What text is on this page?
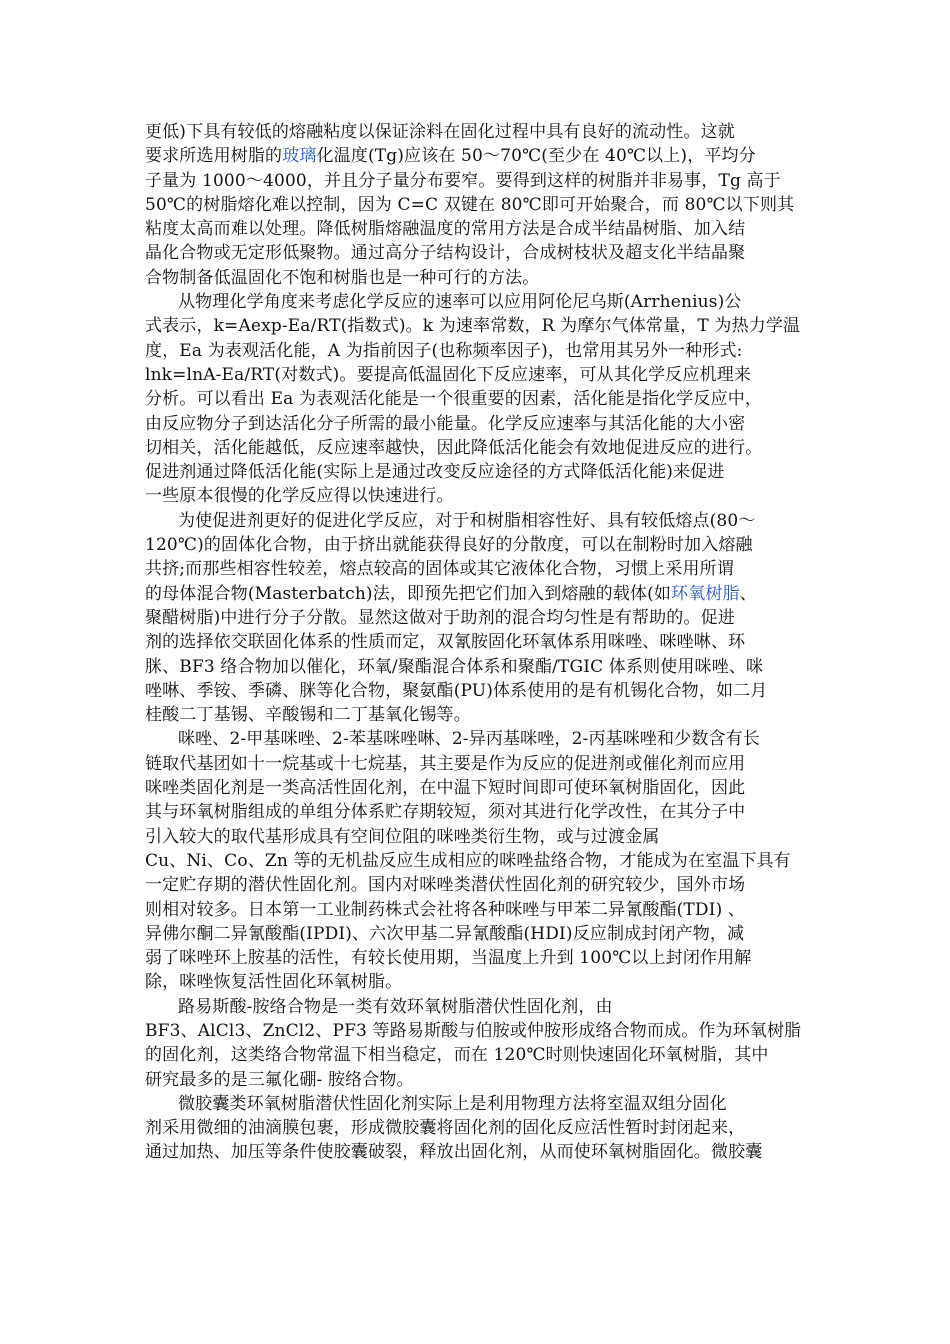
更低)下具有较低的熔融粘度以保证涂料在固化过程中具有良好的流动性。这就
要求所选用树脂的玻璃化温度(Tg)应该在 50～70℃(至少在 40℃以上)，平均分
子量为 1000～4000，并且分子量分布要窄。要得到这样的树脂并非易事，Tg 高于
50℃的树脂熔化难以控制，因为 C=C 双键在 80℃即可开始聚合，而 80℃以下则其
粘度太高而难以处理。降低树脂熔融温度的常用方法是合成半结晶树脂、加入结
晶化合物或无定形低聚物。通过高分子结构设计，合成树枝状及超支化半结晶聚
合物制备低温固化不饱和树脂也是一种可行的方法。
从物理化学角度来考虑化学反应的速率可以应用阿伦尼乌斯(Arrhenius)公
式表示，k=Aexp-Ea/RT(指数式)。k 为速率常数，R 为摩尔气体常量，T 为热力学温
度，Ea 为表观活化能，A 为指前因子(也称频率因子)，也常用其另外一种形式:
lnk=lnA-Ea/RT(对数式)。要提高低温固化下反应速率，可从其化学反应机理来
分析。可以看出 Ea 为表观活化能是一个很重要的因素，活化能是指化学反应中，
由反应物分子到达活化分子所需的最小能量。化学反应速率与其活化能的大小密
切相关，活化能越低，反应速率越快，因此降低活化能会有效地促进反应的进行。
促进剂通过降低活化能(实际上是通过改变反应途径的方式降低活化能)来促进
一些原本很慢的化学反应得以快速进行。
为使促进剂更好的促进化学反应，对于和树脂相容性好、具有较低熔点(80～
120℃)的固体化合物，由于挤出就能获得良好的分散度，可以在制粉时加入熔融
共挤;而那些相容性较差，熔点较高的固体或其它液体化合物，习惯上采用所谓
的母体混合物(Masterbatch)法，即预先把它们加入到熔融的载体(如环氧树脂、
聚醋树脂)中进行分子分散。显然这做对于助剂的混合均匀性是有帮助的。促进
剂的选择依交联固化体系的性质而定，双氰胺固化环氧体系用咪唑、咪唑啉、环
脒、BF3 络合物加以催化，环氧/聚酯混合体系和聚酯/TGIC 体系则使用咪唑、咪
唑啉、季铵、季磷、脒等化合物，聚氨酯(PU)体系使用的是有机锡化合物，如二月
桂酸二丁基锡、辛酸锡和二丁基氧化锡等。
咪唑、2-甲基咪唑、2-苯基咪唑啉、2-异丙基咪唑，2-丙基咪唑和少数含有长
链取代基团如十一烷基或十七烷基，其主要是作为反应的促进剂或催化剂而应用
咪唑类固化剂是一类高活性固化剂，在中温下短时间即可使环氧树脂固化，因此
其与环氧树脂组成的单组分体系贮存期较短，须对其进行化学改性，在其分子中
引入较大的取代基形成具有空间位阻的咪唑类衍生物，或与过渡金属
Cu、Ni、Co、Zn 等的无机盐反应生成相应的咪唑盐络合物，才能成为在室温下具有
一定贮存期的潜伏性固化剂。国内对咪唑类潜伏性固化剂的研究较少，国外市场
则相对较多。日本第一工业制药株式会社将各种咪唑与甲苯二异氰酸酯(TDI) 、
异佛尔酮二异氰酸酯(IPDI)、六次甲基二异氰酸酯(HDI)反应制成封闭产物，减
弱了咪唑环上胺基的活性，有较长使用期，当温度上升到 100℃以上封闭作用解
除，咪唑恢复活性固化环氧树脂。
路易斯酸-胺络合物是一类有效环氧树脂潜伏性固化剂，由
BF3、AlCl3、ZnCl2、PF3 等路易斯酸与伯胺或仲胺形成络合物而成。作为环氧树脂
的固化剂，这类络合物常温下相当稳定，而在 120℃时则快速固化环氧树脂，其中
研究最多的是三氟化硼- 胺络合物。
微胶囊类环氧树脂潜伏性固化剂实际上是利用物理方法将室温双组分固化
剂采用微细的油滴膜包裹，形成微胶囊将固化剂的固化反应活性暂时封闭起来，
通过加热、加压等条件使胶囊破裂，释放出固化剂，从而使环氧树脂固化。微胶囊
